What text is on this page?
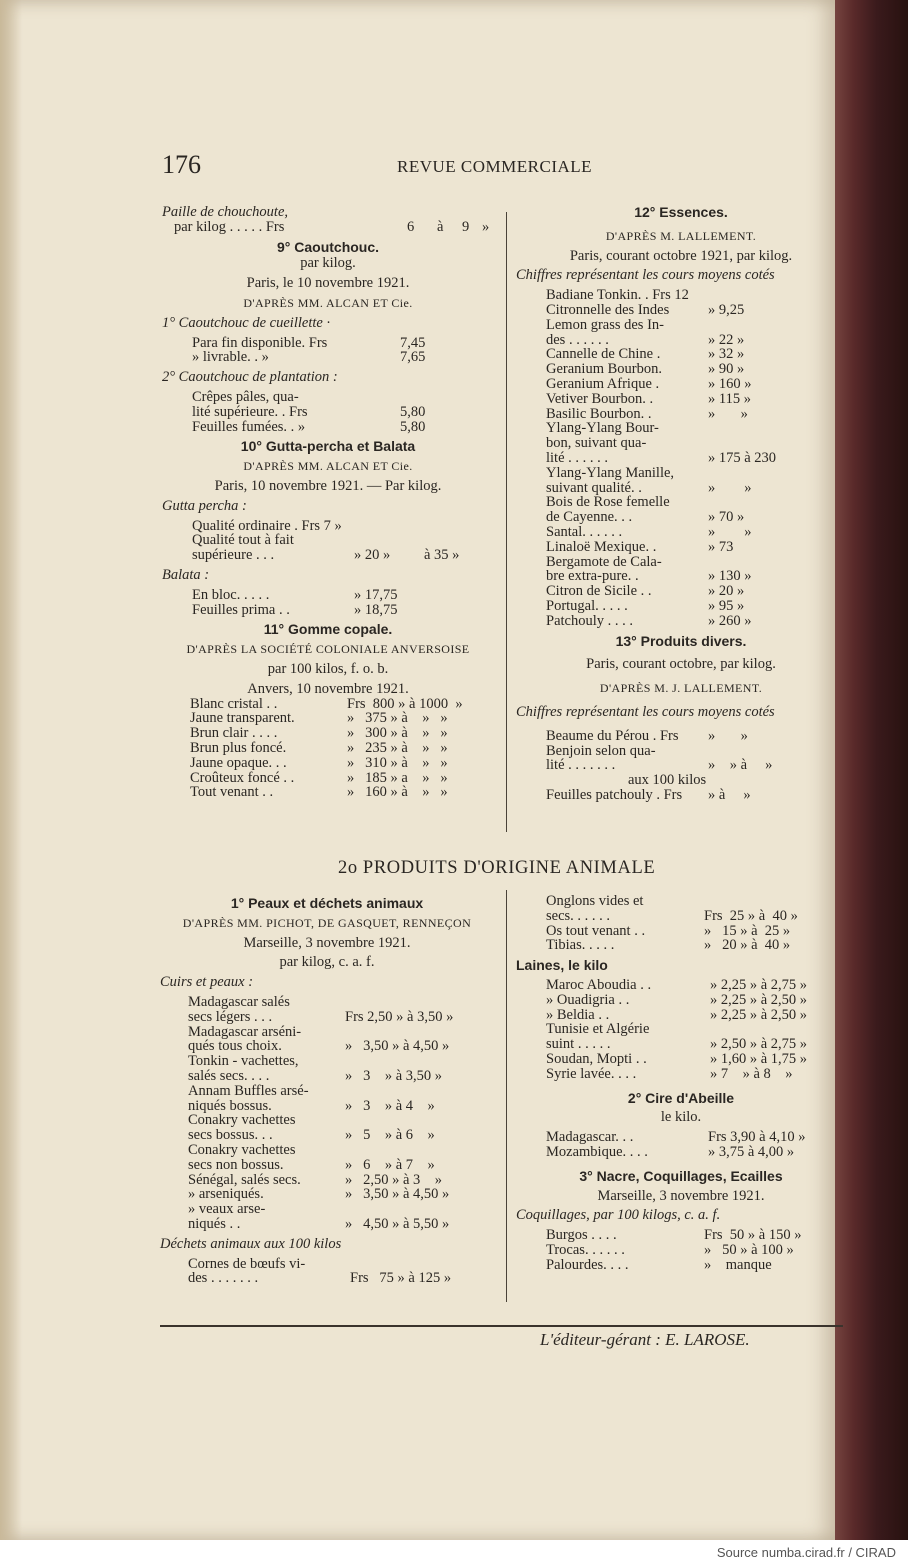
Source numba.cirad.fr / CIRAD
176	REVUE COMMERCIALE
Paille de chouchoute,
par kilog . . . . . Frs	6 à 9 »
9° Caoutchouc.
par kilog.
Paris, le 10 novembre 1921.
D'APRÈS MM. ALCAN ET Cie.
1° Caoutchouc de cueillette ·
Para fin disponible. Frs	7,45
» livrable. . »	7,65
2° Caoutchouc de plantation :
Crêpes pâles, qua-
lité supérieure. . Frs	5,80
Feuilles fumées. . »	5,80
10° Gutta-percha et Balata
D'APRÈS MM. ALCAN ET Cie.
Paris, 10 novembre 1921. — Par kilog.
Gutta percha :
Qualité ordinaire . Frs 7 »
Qualité tout à fait
supérieure . . .	» 20 » à 35 »
Balata :
En bloc. . . . .	» 17,75
Feuilles prima . .	» 18,75
11° Gomme copale.
D'APRÈS LA SOCIÉTÉ COLONIALE ANVERSOISE
par 100 kilos, f. o. b.
Anvers, 10 novembre 1921.
Blanc cristal . .	Frs  800 » à 1000  »
Jaune transparent.	»   375 » à    »   »
Brun clair . . . .	»   300 » à    »   »
Brun plus foncé.	»   235 » à    »   »
Jaune opaque. . .	»   310 » à    »   »
Croûteux foncé . .	»   185 » a    »   »
Tout venant . .	»   160 » à    »   »
12° Essences.
D'APRÈS M. LALLEMENT.
Paris, courant octobre 1921, par kilog.
Chiffres représentant les cours moyens cotés
Badiane Tonkin. . Frs 12
Citronnelle des Indes	» 9,25
Lemon grass des In-
des . . . . . .	» 22 »
Cannelle de Chine .	» 32 »
Geranium Bourbon.	» 90 »
Geranium Afrique .	» 160 »
Vetiver Bourbon. .	» 115 »
Basilic Bourbon. .	»       »
Ylang-Ylang Bour-
bon, suivant qua-
lité . . . . . .	» 175 à 230
Ylang-Ylang Manille,
suivant qualité. .	»        »
Bois de Rose femelle
de Cayenne. . .	» 70 »
Santal. . . . . .	»        »
Linaloë Mexique. .	» 73
Bergamote de Cala-
bre extra-pure. .	» 130 »
Citron de Sicile . .	» 20 »
Portugal. . . . .	» 95 »
Patchouly . . . .	» 260 »
13° Produits divers.
Paris, courant octobre, par kilog.
D'APRÈS M. J. LALLEMENT.
Chiffres représentant les cours moyens cotés
Beaume du Pérou . Frs »       »
Benjoin selon qua-
lité . . . . . . .	»    » à     »
aux 100 kilos
Feuilles patchouly . Frs » à     »
2o PRODUITS D'ORIGINE ANIMALE
1° Peaux et déchets animaux
D'APRÈS MM. PICHOT, DE GASQUET, RENNEÇON
Marseille, 3 novembre 1921.
par kilog, c. a. f.
Cuirs et peaux :
Madagascar salés
secs légers . . .	Frs 2,50 » à 3,50 »
Madagascar arséni-
qués tous choix.	»   3,50 » à 4,50 »
Tonkin - vachettes,
salés secs. . . .	»   3    » à 3,50 »
Annam Buffles arsé-
niqués bossus.	»   3    » à 4    »
Conakry vachettes
secs bossus. . .	»   5    » à 6    »
Conakry vachettes
secs non bossus.	»   6    » à 7    »
Sénégal, salés secs.	»   2,50 » à 3    »
» arseniqués.	»   3,50 » à 4,50 »
» veaux arse-
niqués . .	»   4,50 » à 5,50 »
Déchets animaux aux 100 kilos
Cornes de bœufs vi-
des . . . . . . .	Frs   75 » à 125 »
Onglons vides et
secs. . . . . .	Frs  25 » à  40 »
Os tout venant . .	»   15 » à  25 »
Tibias. . . . .	»   20 » à  40 »
Laines, le kilo
Maroc Aboudia . .	» 2,25 » à 2,75 »
» Ouadigria . .	» 2,25 » à 2,50 »
» Beldia . .	» 2,25 » à 2,50 »
Tunisie et Algérie
suint . . . . .	» 2,50 » à 2,75 »
Soudan, Mopti . .	» 1,60 » à 1,75 »
Syrie lavée. . . .	» 7    » à 8    »
2° Cire d'Abeille
le kilo.
Madagascar. . .	Frs 3,90 à 4,10 »
Mozambique. . . .	» 3,75 à 4,00 »
3° Nacre, Coquillages, Ecailles
Marseille, 3 novembre 1921.
Coquillages, par 100 kilogs, c. a. f.
Burgos . . . .	Frs  50 » à 150 »
Trocas. . . . . .	»   50 » à 100 »
Palourdes. . . .	»    manque
L'éditeur-gérant : E. LAROSE.
